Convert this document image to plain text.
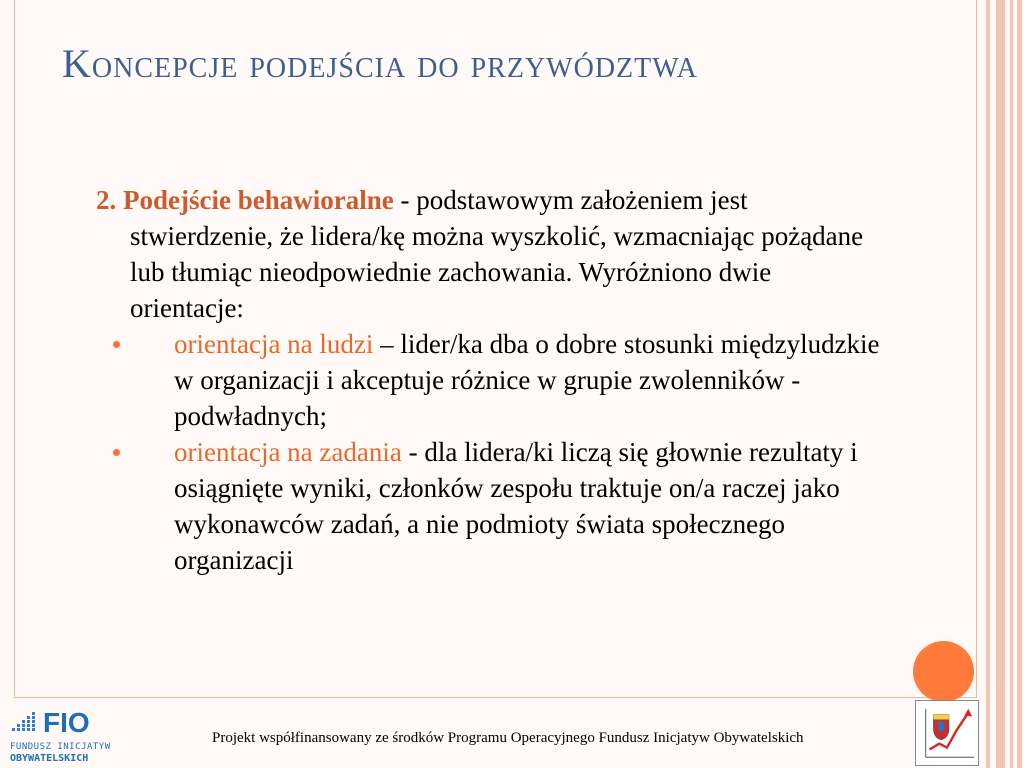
Koncepcje podejścia do przywództwa

2. Podejście behawioralne - podstawowym założeniem jest stwierdzenie, że lidera/kę można wyszkolić, wzmacniając pożądane lub tłumiąc nieodpowiednie zachowania. Wyróżniono dwie orientacje:

orientacja na ludzi – lider/ka dba o dobre stosunki międzyludzkie w organizacji i akceptuje różnice w grupie zwolenników - podwładnych;
orientacja na zadania - dla lidera/ki liczą się głownie rezultaty i osiągnięte wyniki, członków zespołu traktuje on/a raczej jako wykonawców zadań, a nie podmioty świata społecznego organizacji
FIO
FUNDUSZ INICJATYW
OBYWATELSKICH
Projekt współfinansowany ze środków Programu Operacyjnego Fundusz Inicjatyw Obywatelskich
